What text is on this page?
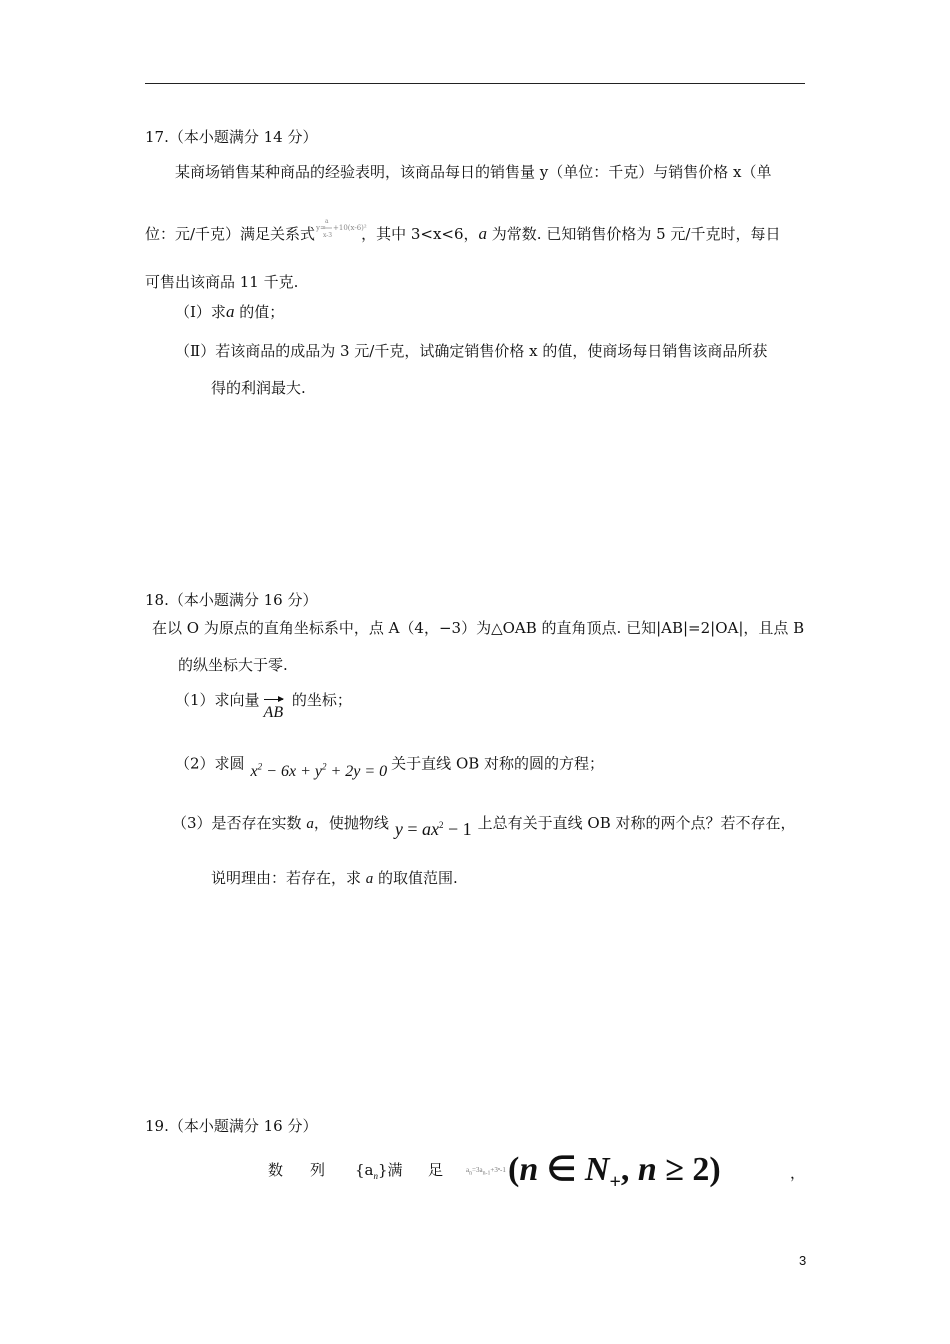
17.（本小题满分 14 分）
某商场销售某种商品的经验表明，该商品每日的销售量 y（单位：千克）与销售价格 x（单
位：元/千克）满足关系式
a
x-3
+10(x-6)²
y= ，其中 3<x<6，a 为常数. 已知销售价格为 5 元/千克时，每日
可售出该商品 11 千克.
（Ⅰ）求a 的值；
（Ⅱ）若该商品的成品为 3 元/千克，试确定销售价格 x 的值，使商场每日销售该商品所获
得的利润最大.
18.（本小题满分 16 分）
在以 O 为原点的直角坐标系中，点 A（4，−3）为△OAB 的直角顶点. 已知|AB|=2|OA|，且点 B
的纵坐标大于零.
（1）求向量
AB 的坐标；
（2）求圆 $x^2 - 6x + y^2 + 2y = 0$ 关于直线 OB 对称的圆的方程；
（3）是否存在实数 a，使抛物线 $y = ax^2 - 1$ 上总有关于直线 OB 对称的两个点？若不存在，
说明理由：若存在，求 a 的取值范围.
19.（本小题满分 16 分）
数 列 $\{a_n\}$满 足	$a_n=3a_{n-1}+3^n-1$ (n ∈ $N_+$, n ≥ 2)	，
3
